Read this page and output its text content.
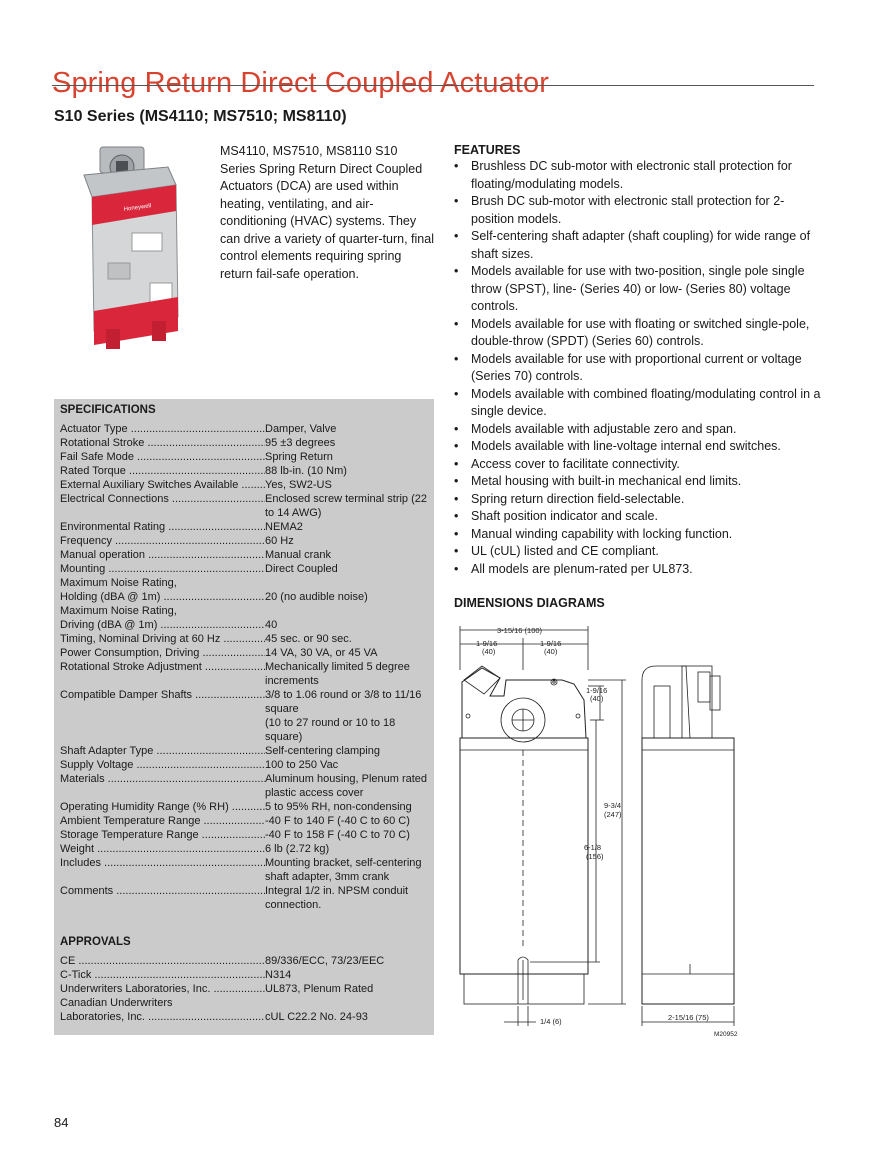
Spring Return Direct Coupled Actuator
S10 Series (MS4110; MS7510; MS8110)
Honeywell

MS4110, MS7510, MS8110 S10 Series Spring Return Direct Coupled Actuators (DCA) are used within heating, ventilating, and air-conditioning (HVAC) systems. They can drive a variety of quarter-turn, final control elements requiring spring return fail-safe operation.

FEATURES
• Brushless DC sub-motor with electronic stall protection for floating/modulating models.
• Brush DC sub-motor with electronic stall protection for 2-position models.
• Self-centering shaft adapter (shaft coupling) for wide range of shaft sizes.
• Models available for use with two-position, single pole single throw (SPST), line- (Series 40) or low- (Series 80) voltage controls.
• Models available for use with floating or switched single-pole, double-throw (SPDT) (Series 60) controls.
• Models available for use with proportional current or voltage (Series 70) controls.
• Models available with combined floating/modulating control in a single device.
• Models available with adjustable zero and span.
• Models available with line-voltage internal end switches.
• Access cover to facilitate connectivity.
• Metal housing with built-in mechanical end limits.
• Spring return direction field-selectable.
• Shaft position indicator and scale.
• Manual winding capability with locking function.
• UL (cUL) listed and CE compliant.
• All models are plenum-rated per UL873.
SPECIFICATIONS
Actuator Type .....	Damper, Valve
Rotational Stroke .....	95 ±3 degrees
Fail Safe Mode .....	Spring Return
Rated Torque .....	88 lb-in. (10 Nm)
External Auxiliary Switches Available .....	Yes, SW2-US
Electrical Connections .....	Enclosed screw terminal strip (22 to 14 AWG)
Environmental Rating .....	NEMA2
Frequency .....	60 Hz
Manual operation .....	Manual crank
Mounting .....	Direct Coupled
Maximum Noise Rating,
Holding (dBA @ 1m) .....	20 (no audible noise)
Maximum Noise Rating,
Driving (dBA @ 1m) .....	40
Timing, Nominal Driving at 60 Hz .....	45 sec. or 90 sec.
Power Consumption, Driving .....	14 VA, 30 VA, or 45 VA
Rotational Stroke Adjustment .....	Mechanically limited 5 degree increments
Compatible Damper Shafts .....	3/8 to 1.06 round or 3/8 to 11/16 square
(10 to 27 round or 10 to 18 square)
Shaft Adapter Type .....	Self-centering clamping
Supply Voltage .....	100 to 250 Vac
Materials .....	Aluminum housing, Plenum rated plastic access cover
Operating Humidity Range (% RH) .....	5 to 95% RH, non-condensing
Ambient Temperature Range .....	-40 F to 140 F (-40 C to 60 C)
Storage Temperature Range .....	-40 F to 158 F (-40 C to 70 C)
Weight .....	6 lb (2.72 kg)
Includes .....	Mounting bracket, self-centering shaft adapter, 3mm crank
Comments .....	Integral 1/2 in. NPSM conduit connection.
APPROVALS
CE .....	89/336/ECC, 73/23/EEC
C-Tick .....	N314
Underwriters Laboratories, Inc. .....	UL873, Plenum Rated
Canadian Underwriters
Laboratories, Inc. .....	cUL C22.2 No. 24-93
DIMENSIONS DIAGRAMS
3-15/16 (100)
1-9/16
(40)
1-9/16
(40)
1-9/16
(40)
9-3/4
(247)
6-1/8
(156)
1/4 (6)	2-15/16 (75)
M20952
84
